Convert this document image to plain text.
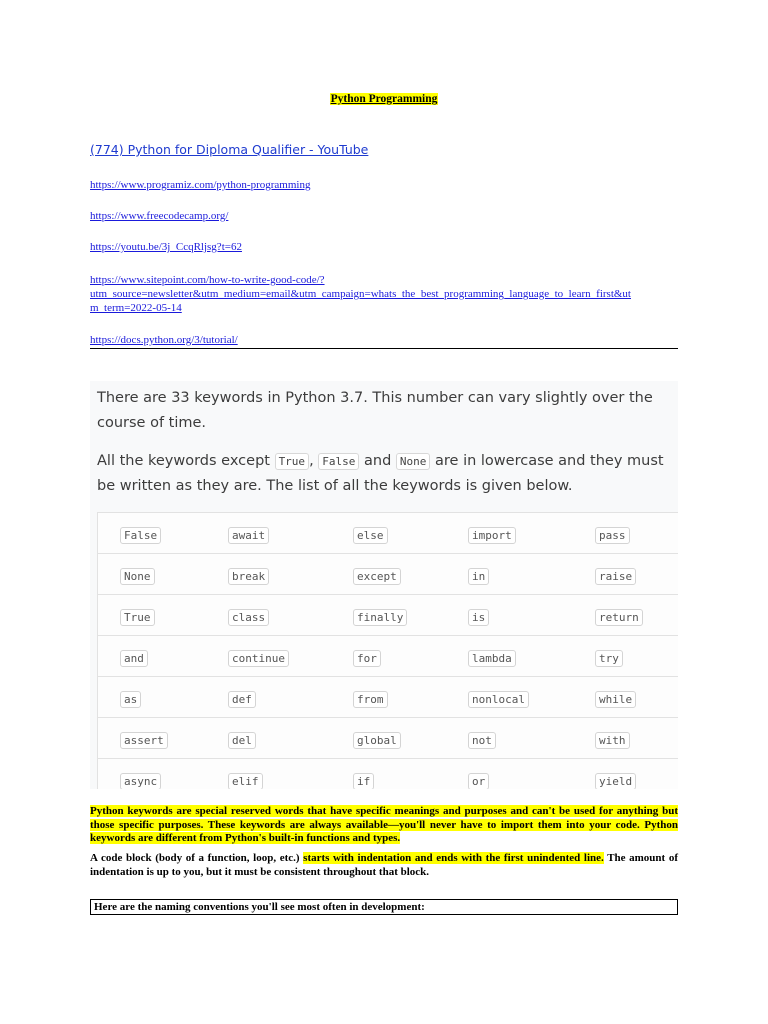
Python Programming
(774) Python for Diploma Qualifier - YouTube
https://www.programiz.com/python-programming
https://www.freecodecamp.org/
https://youtu.be/3j_CcqRljsg?t=62
https://www.sitepoint.com/how-to-write-good-code/?
utm_source=newsletter&utm_medium=email&utm_campaign=whats_the_best_programming_language_to_learn_first&ut
m_term=2022-05-14
https://docs.python.org/3/tutorial/

There are 33 keywords in Python 3.7. This number can vary slightly over the course of time.

All the keywords except True , False and None are in lowercase and they must be written as they are. The list of all the keywords is given below.

False	await	else	import	pass
None	break	except	in	raise
True	class	finally	is	return
and	continue	for	lambda	try
as	def	from	nonlocal	while
assert	del	global	not	with
async	elif	if	or	yield
Python keywords are special reserved words that have specific meanings and purposes and can't be used for anything but those specific purposes. These keywords are always available—you'll never have to import them into your code. Python keywords are different from Python's built-in functions and types.
A code block (body of a function, loop, etc.) starts with indentation and ends with the first unindented line. The amount of indentation is up to you, but it must be consistent throughout that block.
Here are the naming conventions you'll see most often in development:
